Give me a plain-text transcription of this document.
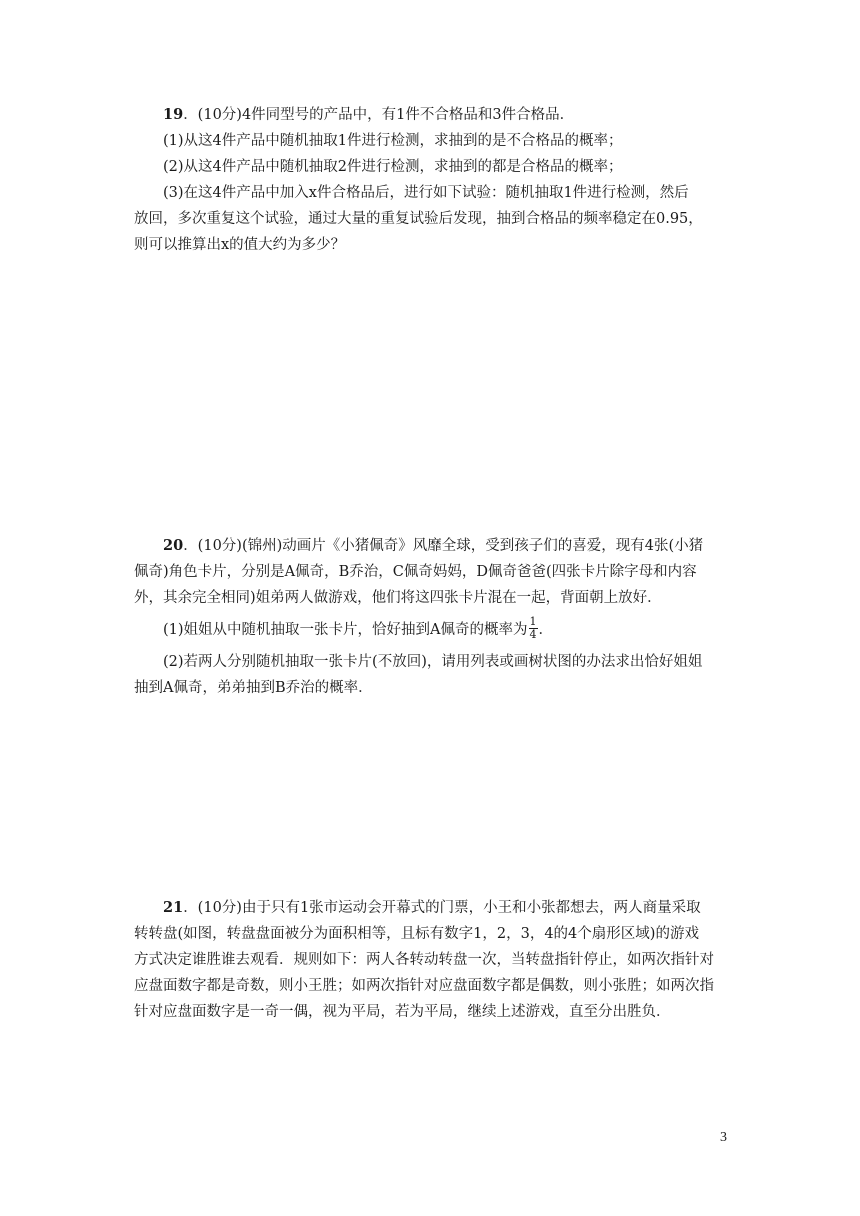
19．(10分)4件同型号的产品中，有1件不合格品和3件合格品．
(1)从这4件产品中随机抽取1件进行检测，求抽到的是不合格品的概率；
(2)从这4件产品中随机抽取2件进行检测，求抽到的都是合格品的概率；
(3)在这4件产品中加入x件合格品后，进行如下试验：随机抽取1件进行检测，然后
放回，多次重复这个试验，通过大量的重复试验后发现，抽到合格品的频率稳定在0.95，
则可以推算出x的值大约为多少？
20．(10分)(锦州)动画片《小猪佩奇》风靡全球，受到孩子们的喜爱，现有4张(小猪
佩奇)角色卡片，分别是A佩奇，B乔治，C佩奇妈妈，D佩奇爸爸(四张卡片除字母和内容
外，其余完全相同)姐弟两人做游戏，他们将这四张卡片混在一起，背面朝上放好．
(1)姐姐从中随机抽取一张卡片，恰好抽到A佩奇的概率为 $\frac{1}{4}$ ．
(2)若两人分别随机抽取一张卡片(不放回)，请用列表或画树状图的办法求出恰好姐姐
抽到A佩奇，弟弟抽到B乔治的概率．
21．(10分)由于只有1张市运动会开幕式的门票，小王和小张都想去，两人商量采取
转转盘(如图，转盘盘面被分为面积相等，且标有数字1，2，3，4的4个扇形区域)的游戏
方式决定谁胜谁去观看．规则如下：两人各转动转盘一次，当转盘指针停止，如两次指针对
应盘面数字都是奇数，则小王胜；如两次指针对应盘面数字都是偶数，则小张胜；如两次指
针对应盘面数字是一奇一偶，视为平局，若为平局，继续上述游戏，直至分出胜负．
3
